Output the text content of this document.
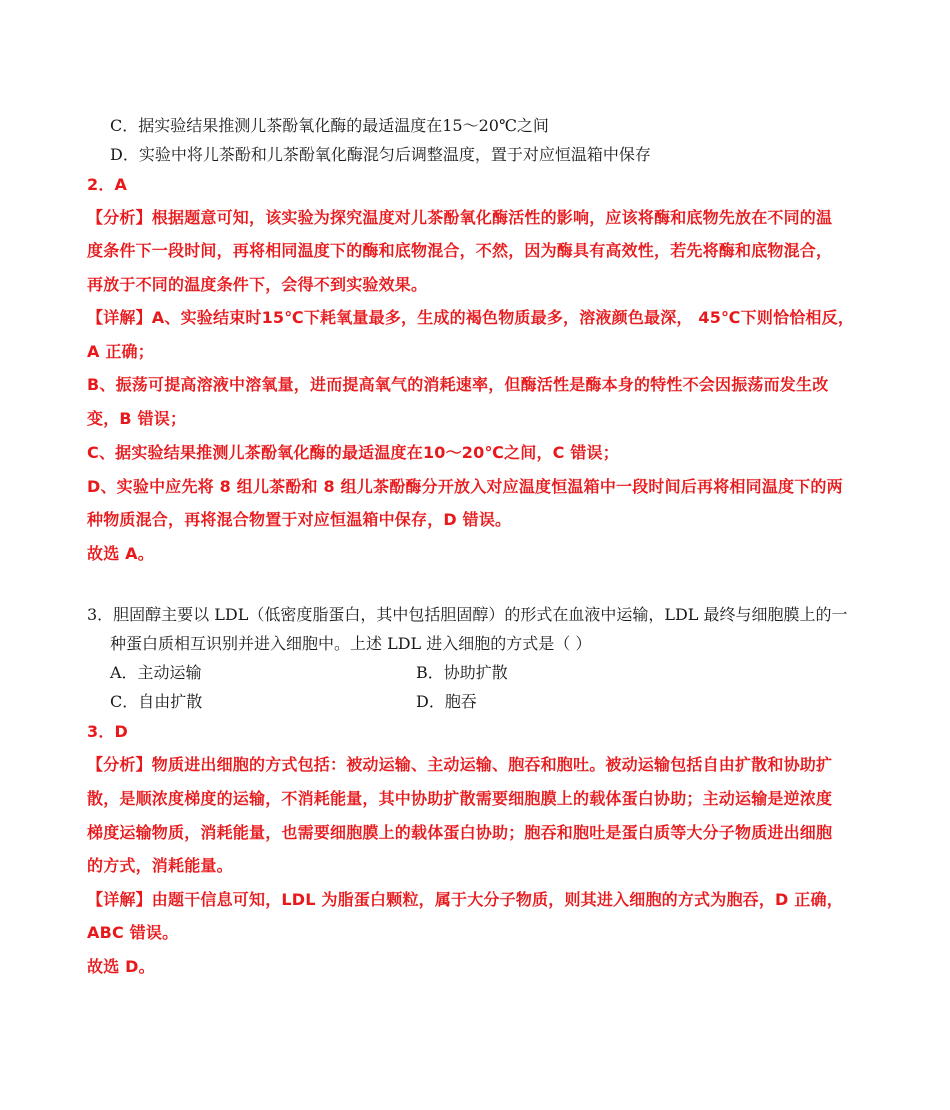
C．据实验结果推测儿茶酚氧化酶的最适温度在15～20℃之间
D．实验中将儿茶酚和儿茶酚氧化酶混匀后调整温度，置于对应恒温箱中保存
2．A
【分析】根据题意可知，该实验为探究温度对儿茶酚氧化酶活性的影响，应该将酶和底物先放在不同的温
度条件下一段时间，再将相同温度下的酶和底物混合，不然，因为酶具有高效性，若先将酶和底物混合，
再放于不同的温度条件下，会得不到实验效果。
【详解】A、实验结束时15℃下耗氧量最多，生成的褐色物质最多，溶液颜色最深， 45℃下则恰恰相反，
A 正确；
B、振荡可提高溶液中溶氧量，进而提高氧气的消耗速率，但酶活性是酶本身的特性不会因振荡而发生改
变，B 错误；
C、据实验结果推测儿茶酚氧化酶的最适温度在10～20℃之间，C 错误；
D、实验中应先将 8 组儿茶酚和 8 组儿茶酚酶分开放入对应温度恒温箱中一段时间后再将相同温度下的两
种物质混合，再将混合物置于对应恒温箱中保存，D 错误。
故选 A。
3．胆固醇主要以 LDL（低密度脂蛋白，其中包括胆固醇）的形式在血液中运输，LDL 最终与细胞膜上的一
种蛋白质相互识别并进入细胞中。上述 LDL 进入细胞的方式是（ ）
A．主动运输	B．协助扩散
C．自由扩散	D．胞吞
3．D
【分析】物质进出细胞的方式包括：被动运输、主动运输、胞吞和胞吐。被动运输包括自由扩散和协助扩
散，是顺浓度梯度的运输，不消耗能量，其中协助扩散需要细胞膜上的载体蛋白协助；主动运输是逆浓度
梯度运输物质，消耗能量，也需要细胞膜上的载体蛋白协助；胞吞和胞吐是蛋白质等大分子物质进出细胞
的方式，消耗能量。
【详解】由题干信息可知，LDL 为脂蛋白颗粒，属于大分子物质，则其进入细胞的方式为胞吞，D 正确，
ABC 错误。
故选 D。
